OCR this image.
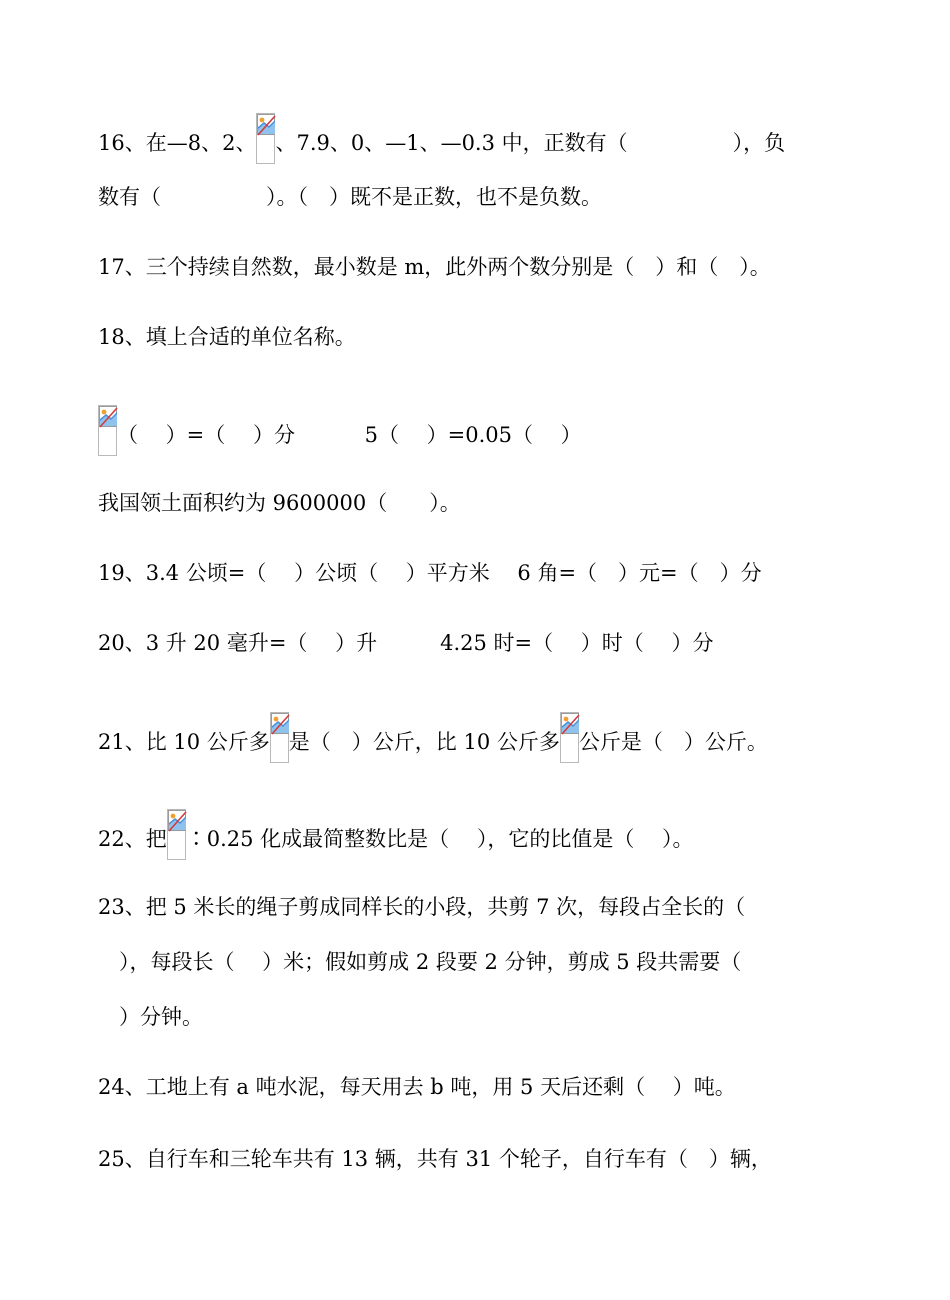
16、在—8、2、 、7.9、0、—1、—0.3 中，正数有（　　　　　），负
数有（　　　　　）。（　）既不是正数，也不是负数。
17、三个持续自然数，最小数是 m，此外两个数分别是（　）和（　）。
18、填上合适的单位名称。
（　 ）=（　 ）分　　　 5（　 ）=0.05（　 ）
我国领土面积约为 9600000（　　）。
19、3.4 公顷=（　 ）公顷（　 ）平方米　 6 角=（　）元=（　）分
20、3 升 20 毫升=（　 ）升　　　4.25 时=（　 ）时（　 ）分
21、比 10 公斤多 是（　）公斤，比 10 公斤多 公斤是（　）公斤。
22、把 ∶0.25 化成最简整数比是（　 ），它的比值是（　 ）。
23、把 5 米长的绳子剪成同样长的小段，共剪 7 次，每段占全长的（
　），每段长（　 ）米；假如剪成 2 段要 2 分钟，剪成 5 段共需要（
　）分钟。
24、工地上有 a 吨水泥，每天用去 b 吨，用 5 天后还剩（　 ）吨。
25、自行车和三轮车共有 13 辆，共有 31 个轮子，自行车有（　）辆，
